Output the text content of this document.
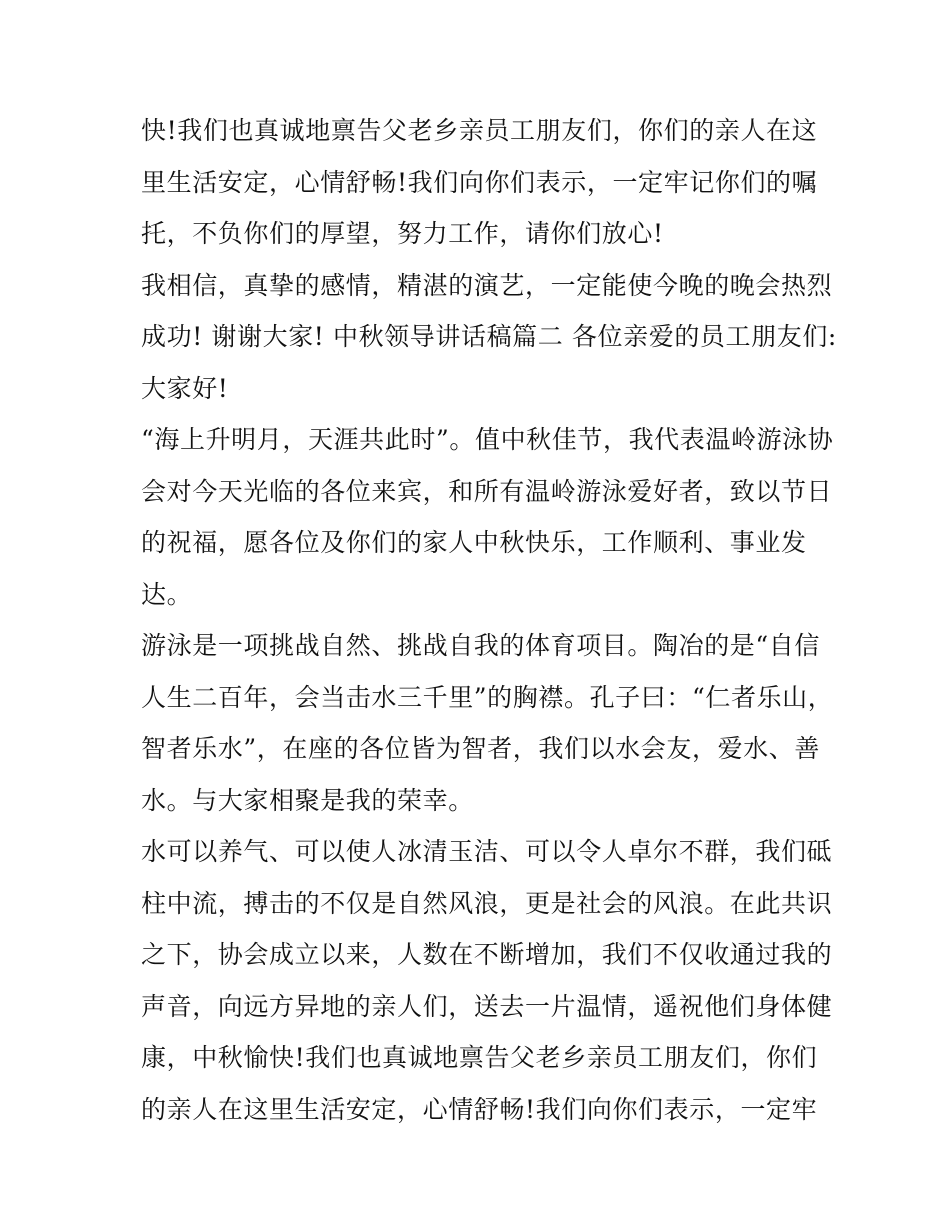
快!我们也真诚地禀告父老乡亲员工朋友们，你们的亲人在这
里生活安定，心情舒畅!我们向你们表示，一定牢记你们的嘱
托，不负你们的厚望，努力工作，请你们放心!
我相信，真挚的感情，精湛的演艺，一定能使今晚的晚会热烈
成功! 谢谢大家! 中秋领导讲话稿篇二 各位亲爱的员工朋友们:
大家好!
“海上升明月，天涯共此时”。值中秋佳节，我代表温岭游泳协
会对今天光临的各位来宾，和所有温岭游泳爱好者，致以节日
的祝福，愿各位及你们的家人中秋快乐，工作顺利、事业发
达。
游泳是一项挑战自然、挑战自我的体育项目。陶冶的是“自信
人生二百年，会当击水三千里”的胸襟。孔子曰：“仁者乐山，
智者乐水”，在座的各位皆为智者，我们以水会友，爱水、善
水。与大家相聚是我的荣幸。
水可以养气、可以使人冰清玉洁、可以令人卓尔不群，我们砥
柱中流，搏击的不仅是自然风浪，更是社会的风浪。在此共识
之下，协会成立以来，人数在不断增加，我们不仅收通过我的
声音，向远方异地的亲人们，送去一片温情，遥祝他们身体健
康，中秋愉快!我们也真诚地禀告父老乡亲员工朋友们，你们
的亲人在这里生活安定，心情舒畅!我们向你们表示，一定牢
